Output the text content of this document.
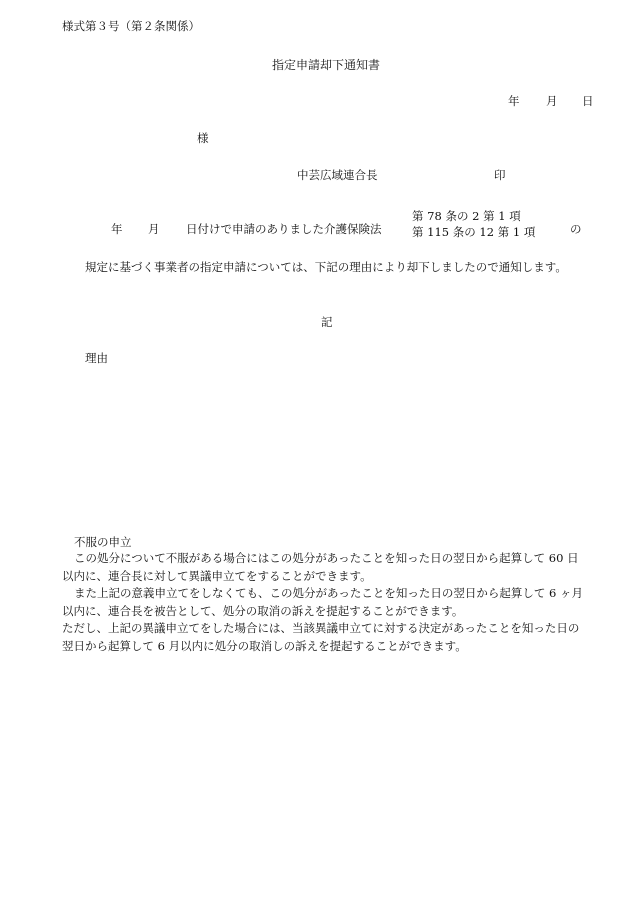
様式第３号（第２条関係）
指定申請却下通知書
年 月 日
様
中芸広域連合長	印
年 月 日付けで申請のありました介護保険法
第 78 条の 2 第 1 項
第 115 条の 12 第 1 項	の
規定に基づく事業者の指定申請については、下記の理由により却下しましたので通知します。
記
理由
不服の申立
この処分について不服がある場合にはこの処分があったことを知った日の翌日から起算して 60 日
以内に、連合長に対して異議申立てをすることができます。
また上記の意義申立てをしなくても、この処分があったことを知った日の翌日から起算して 6 ヶ月
以内に、連合長を被告として、処分の取消の訴えを提起することができます。
ただし、上記の異議申立てをした場合には、当該異議申立てに対する決定があったことを知った日の
翌日から起算して 6 月以内に処分の取消しの訴えを提起することができます。
